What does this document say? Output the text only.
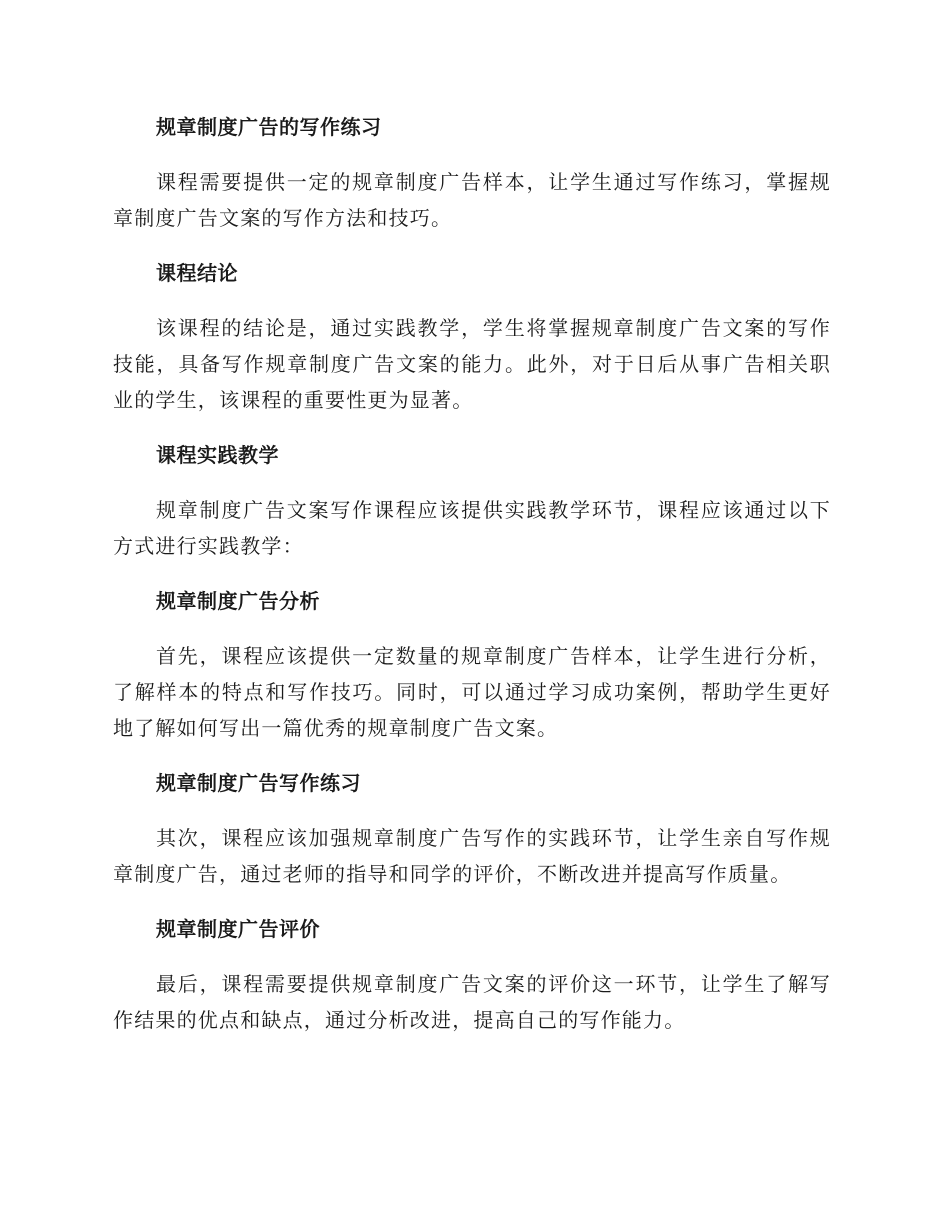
规章制度广告的写作练习
课程需要提供一定的规章制度广告样本，让学生通过写作练习，掌握规章制度广告文案的写作方法和技巧。
课程结论
该课程的结论是，通过实践教学，学生将掌握规章制度广告文案的写作技能，具备写作规章制度广告文案的能力。此外，对于日后从事广告相关职业的学生，该课程的重要性更为显著。
课程实践教学
规章制度广告文案写作课程应该提供实践教学环节，课程应该通过以下方式进行实践教学：
规章制度广告分析
首先，课程应该提供一定数量的规章制度广告样本，让学生进行分析，了解样本的特点和写作技巧。同时，可以通过学习成功案例，帮助学生更好地了解如何写出一篇优秀的规章制度广告文案。
规章制度广告写作练习
其次，课程应该加强规章制度广告写作的实践环节，让学生亲自写作规章制度广告，通过老师的指导和同学的评价，不断改进并提高写作质量。
规章制度广告评价
最后，课程需要提供规章制度广告文案的评价这一环节，让学生了解写作结果的优点和缺点，通过分析改进，提高自己的写作能力。
